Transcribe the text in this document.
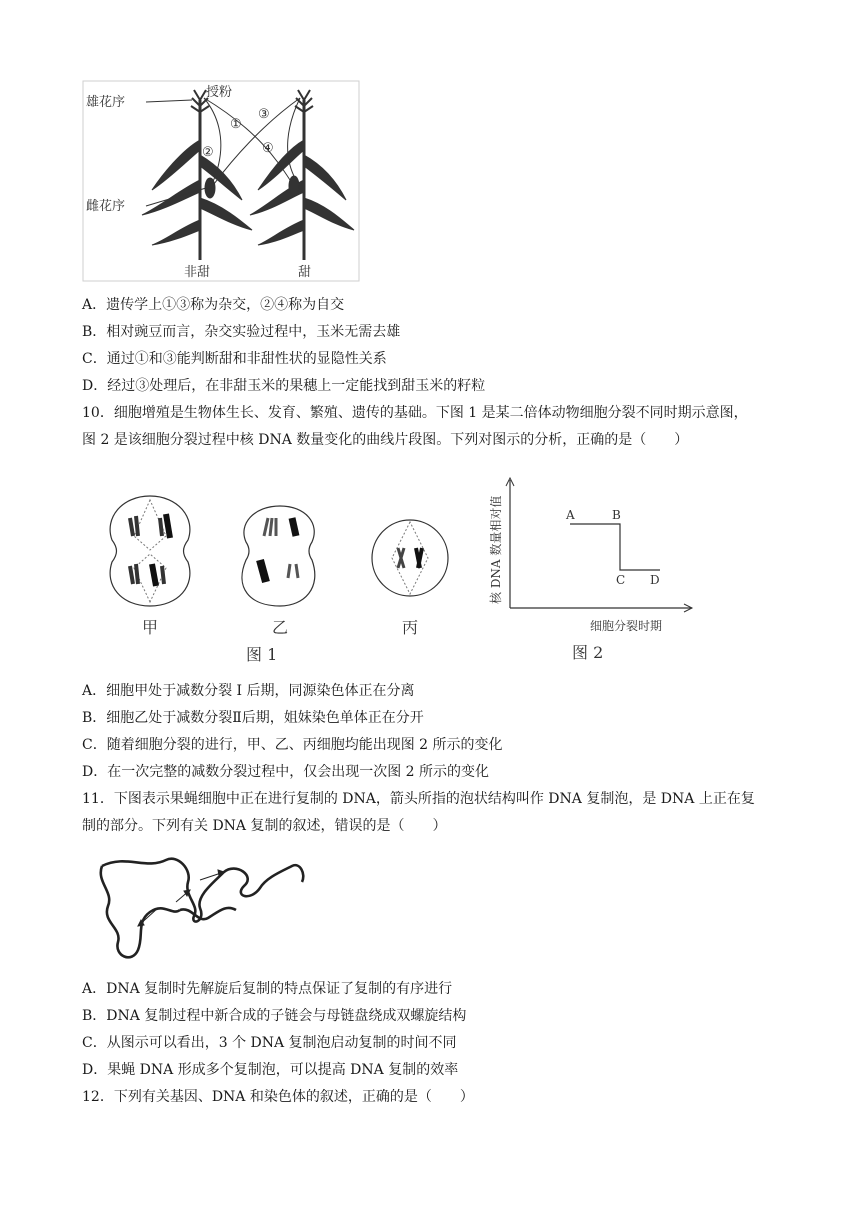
雄花序
授粉
雌花序
①
②
③
④
非甜	甜
A．遗传学上①③称为杂交，②④称为自交
B．相对豌豆而言，杂交实验过程中，玉米无需去雄
C．通过①和③能判断甜和非甜性状的显隐性关系
D．经过③处理后，在非甜玉米的果穗上一定能找到甜玉米的籽粒
10．细胞增殖是生物体生长、发育、繁殖、遗传的基础。下图 1 是某二倍体动物细胞分裂不同时期示意图，
图 2 是该细胞分裂过程中核 DNA 数量变化的曲线片段图。下列对图示的分析，正确的是（　　）
甲	乙	丙
图 1
A	B
C D
核 DNA 数量相对值
细胞分裂时期
图 2
A．细胞甲处于减数分裂 I 后期，同源染色体正在分离
B．细胞乙处于减数分裂Ⅱ后期，姐妹染色单体正在分开
C．随着细胞分裂的进行，甲、乙、丙细胞均能出现图 2 所示的变化
D．在一次完整的减数分裂过程中，仅会出现一次图 2 所示的变化
11．下图表示果蝇细胞中正在进行复制的 DNA，箭头所指的泡状结构叫作 DNA 复制泡，是 DNA 上正在复
制的部分。下列有关 DNA 复制的叙述，错误的是（　　）
A．DNA 复制时先解旋后复制的特点保证了复制的有序进行
B．DNA 复制过程中新合成的子链会与母链盘绕成双螺旋结构
C．从图示可以看出，3 个 DNA 复制泡启动复制的时间不同
D．果蝇 DNA 形成多个复制泡，可以提高 DNA 复制的效率
12．下列有关基因、DNA 和染色体的叙述，正确的是（　　）
